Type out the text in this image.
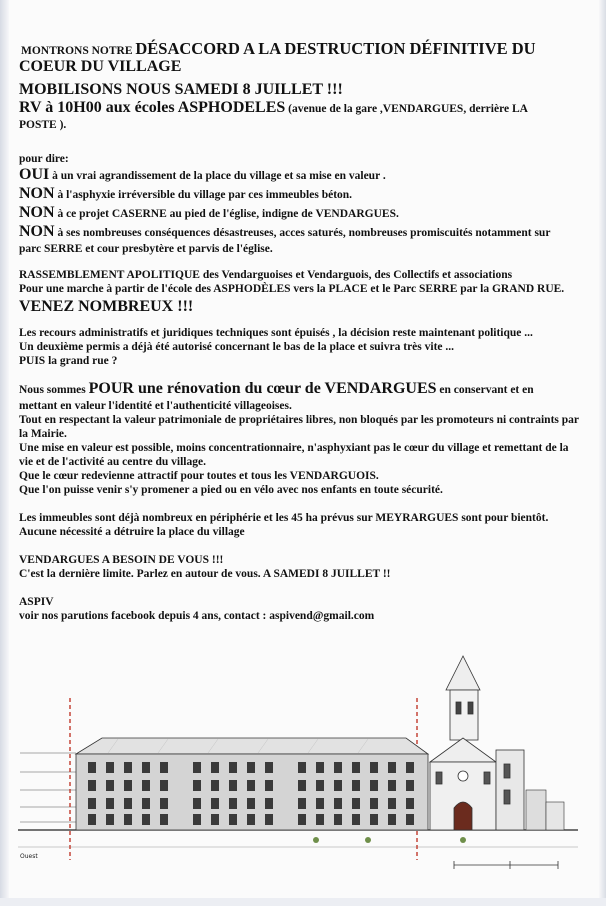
MONTRONS NOTRE DÉSACCORD A LA DESTRUCTION DÉFINITIVE DU

COEUR DU VILLAGE

MOBILISONS NOUS SAMEDI 8 JUILLET !!!

RV à 10H00 aux écoles ASPHODELES (avenue de la gare ,VENDARGUES, derrière LA

POSTE ).

pour dire:

OUI à un vrai agrandissement de la place du village et sa mise en valeur .

NON à l'asphyxie irréversible du village par ces immeubles béton.

NON à ce projet CASERNE au pied de l'église, indigne de VENDARGUES.

NON à ses nombreuses conséquences désastreuses, acces saturés, nombreuses promiscuités notamment sur

parc SERRE et cour presbytère et parvis de l'église.

RASSEMBLEMENT APOLITIQUE des Vendarguoises et Vendarguois, des Collectifs et associations

Pour une marche à partir de l'école des ASPHODÈLES vers la PLACE et le Parc SERRE par la GRAND RUE.

VENEZ NOMBREUX !!!

Les recours administratifs et juridiques techniques sont épuisés , la décision reste maintenant politique ...

Un deuxième permis a déjà été autorisé concernant le bas de la place et suivra très vite ...

PUIS la grand rue ?

Nous sommes POUR une rénovation du cœur de VENDARGUES en conservant et en

mettant en valeur l'identité et l'authenticité villageoises.

Tout en respectant la valeur patrimoniale de propriétaires libres, non bloqués par les promoteurs ni contraints par

la Mairie.

Une mise en valeur est possible, moins concentrationnaire, n'asphyxiant pas le cœur du village et remettant de la

vie et de l'activité au centre du village.

Que le cœur redevienne attractif pour toutes et tous les VENDARGUOIS.

Que l'on puisse venir s'y promener a pied ou en vélo avec nos enfants en toute sécurité.

Les immeubles sont déjà nombreux en périphérie et les 45 ha prévus sur MEYRARGUES sont pour bientôt.

Aucune nécessité a détruire la place du village

VENDARGUES A BESOIN DE VOUS !!!

C'est la dernière limite. Parlez en autour de vous. A SAMEDI 8 JUILLET !!

ASPIV

voir nos parutions facebook depuis 4 ans, contact : aspivend@gmail.com

Ouest
